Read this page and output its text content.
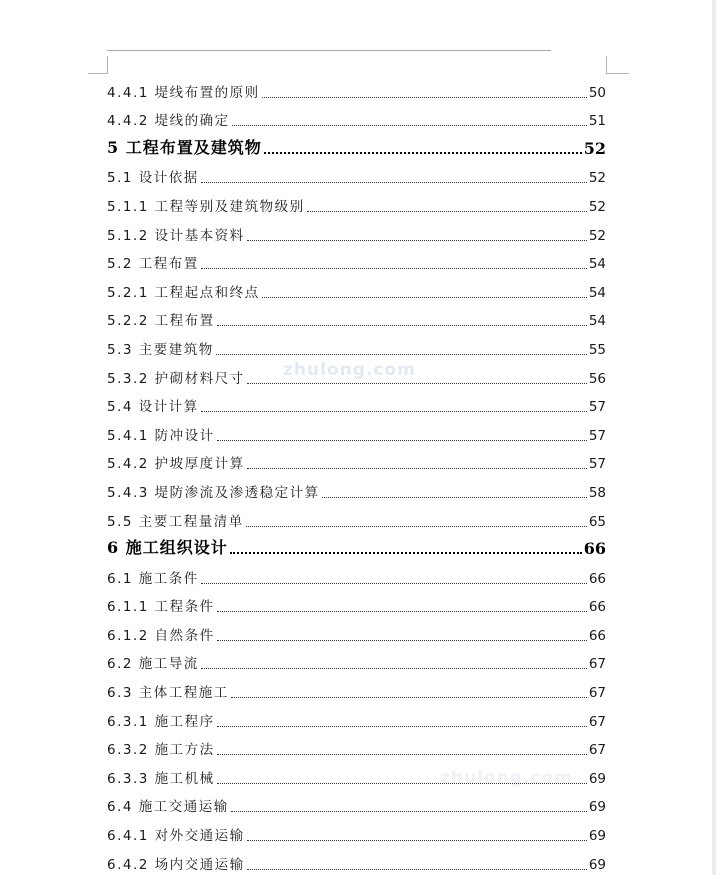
zhulong.com
zhulong.com
4.4.1 堤线布置的原则	50
4.4.2 堤线的确定	51
5 工程布置及建筑物	52
5.1 设计依据	52
5.1.1 工程等别及建筑物级别	52
5.1.2 设计基本资料	52
5.2 工程布置	54
5.2.1 工程起点和终点	54
5.2.2 工程布置	54
5.3 主要建筑物	55
5.3.2 护砌材料尺寸	56
5.4 设计计算	57
5.4.1 防冲设计	57
5.4.2 护坡厚度计算	57
5.4.3 堤防渗流及渗透稳定计算	58
5.5 主要工程量清单	65
6 施工组织设计	66
6.1 施工条件	66
6.1.1 工程条件	66
6.1.2 自然条件	66
6.2 施工导流	67
6.3 主体工程施工	67
6.3.1 施工程序	67
6.3.2 施工方法	67
6.3.3 施工机械	69
6.4 施工交通运输	69
6.4.1 对外交通运输	69
6.4.2 场内交通运输	69
